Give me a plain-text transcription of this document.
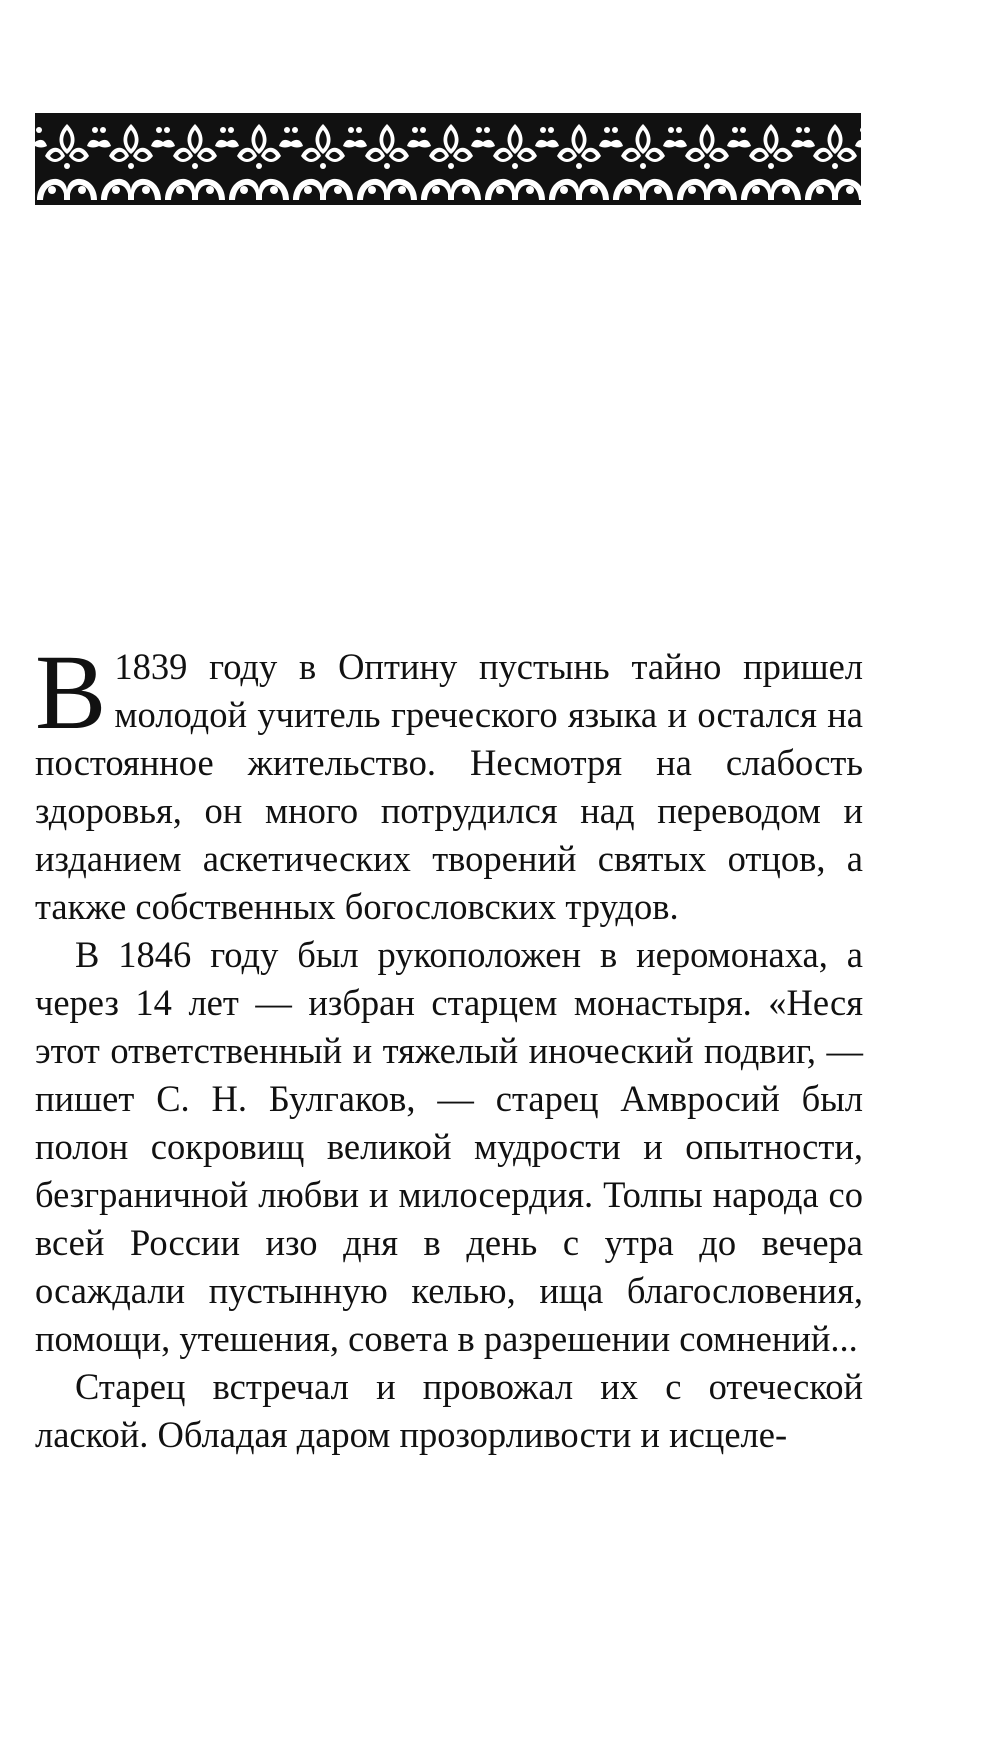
В 1839 году в Оптину пустынь тайно пришел молодой учитель греческого языка и остался на постоянное жительство. Несмотря на слабость здоровья, он много потрудился над переводом и изданием аскетических творений святых отцов, а также собственных богословских трудов.

В 1846 году был рукоположен в иеромонаха, а через 14 лет — избран старцем монастыря. «Неся этот ответственный и тяжелый иноческий подвиг, — пишет С. Н. Булгаков, — старец Амвросий был полон сокровищ великой мудрости и опытности, безграничной любви и милосердия. Толпы народа со всей России изо дня в день с утра до вечера осаждали пустынную келью, ища благословения, помощи, утешения, совета в разрешении сомнений...

Старец встречал и провожал их с отеческой лаской. Обладая даром прозорливости и исцеле-
